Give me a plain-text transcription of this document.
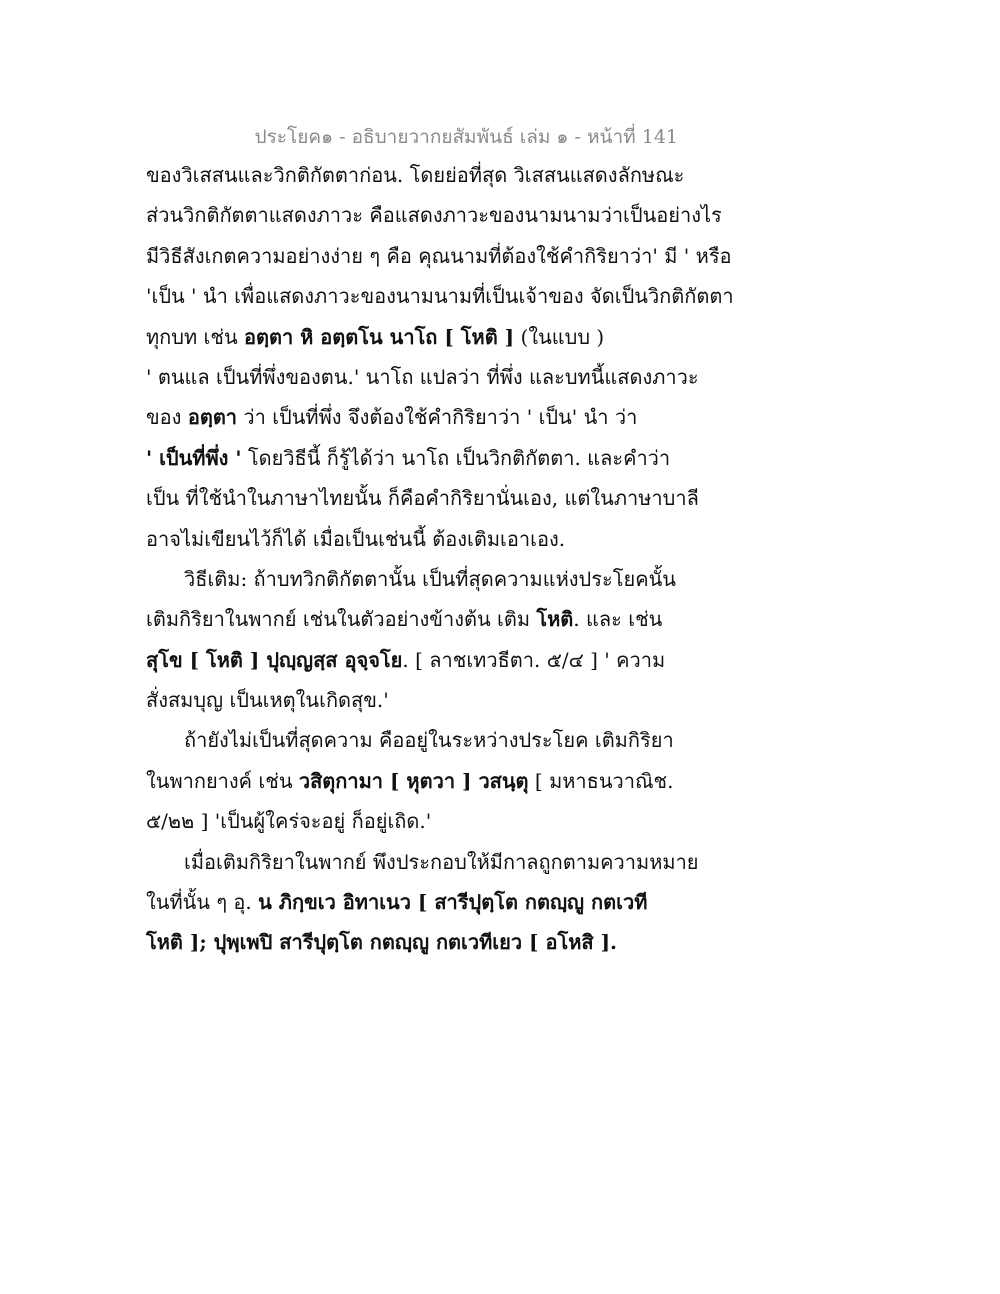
ประโยค๑ - อธิบายวากยสัมพันธ์ เล่ม ๑ - หน้าที่ 141
ของวิเสสนและวิกติกัตตาก่อน. โดยย่อที่สุด วิเสสนแสดงลักษณะ
ส่วนวิกติกัตตาแสดงภาวะ คือแสดงภาวะของนามนามว่าเป็นอย่างไร
มีวิธีสังเกตความอย่างง่าย ๆ คือ คุณนามที่ต้องใช้คำกิริยาว่า' มี ' หรือ
'เป็น ' นำ เพื่อแสดงภาวะของนามนามที่เป็นเจ้าของ จัดเป็นวิกติกัตตา
ทุกบท เช่น อตฺตา หิ อตฺตโน นาโถ [ โหติ ] (ในแบบ )
' ตนแล เป็นที่พึ่งของตน.' นาโถ แปลว่า ที่พึ่ง และบทนี้แสดงภาวะ
ของ อตฺตา ว่า เป็นที่พึ่ง จึงต้องใช้คำกิริยาว่า ' เป็น' นำ ว่า
' เป็นที่พึ่ง ' โดยวิธีนี้ ก็รู้ได้ว่า นาโถ เป็นวิกติกัตตา. และคำว่า
เป็น ที่ใช้นำในภาษาไทยนั้น ก็คือคำกิริยานั่นเอง, แต่ในภาษาบาลี
อาจไม่เขียนไว้ก็ได้ เมื่อเป็นเช่นนี้ ต้องเติมเอาเอง.
วิธีเติม: ถ้าบทวิกติกัตตานั้น เป็นที่สุดความแห่งประโยคนั้น
เติมกิริยาในพากย์ เช่นในตัวอย่างข้างต้น เติม โหติ. และ เช่น
สุโข [ โหติ ] ปุญฺญสฺส อุจฺจโย. [ ลาชเทวธีตา. ๕/๔ ] ' ความ
สั่งสมบุญ เป็นเหตุในเกิดสุข.'
ถ้ายังไม่เป็นที่สุดความ คืออยู่ในระหว่างประโยค เติมกิริยา
ในพากยางค์ เช่น วสิตุกามา [ หุตวา ] วสนฺตุ [ มหาธนวาณิช.
๕/๒๒ ] 'เป็นผู้ใคร่จะอยู่ ก็อยู่เถิด.'
เมื่อเติมกิริยาในพากย์ พึงประกอบให้มีกาลถูกตามความหมาย
ในที่นั้น ๆ อุ. น ภิกฺขเว อิทาเนว [ สารีปุตฺโต กตญฺญู กตเวที
โหติ ]; ปุพฺเพปิ สารีปุตฺโต กตญฺญู กตเวทีเยว [ อโหสิ ].
